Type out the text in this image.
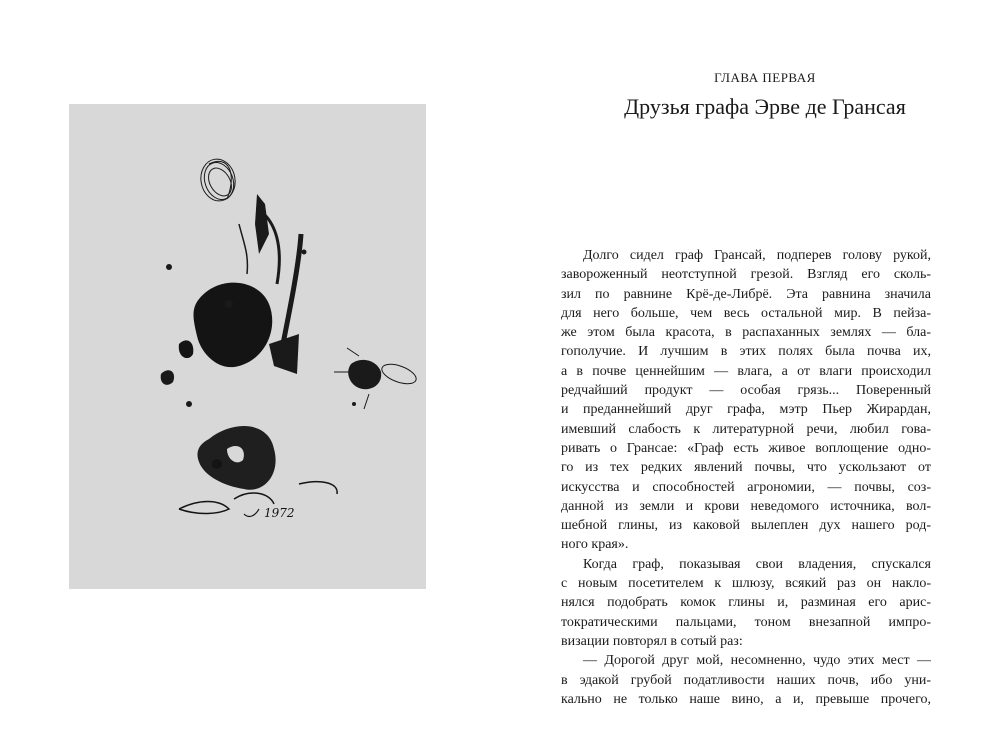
1972
ГЛАВА ПЕРВАЯ
Друзья графа Эрве де Грансая
Долго сидел граф Грансай, подперев голову рукой,
завороженный неотступной грезой. Взгляд его сколь-
зил по равнине Крё-де-Либрё. Эта равнина значила
для него больше, чем весь остальной мир. В пейза-
же этом была красота, в распаханных землях — бла-
гополучие. И лучшим в этих полях была почва их,
а в почве ценнейшим — влага, а от влаги происходил
редчайший продукт — особая грязь... Поверенный
и преданнейший друг графа, мэтр Пьер Жирардан,
имевший слабость к литературной речи, любил гова-
ривать о Грансае: «Граф есть живое воплощение одно-
го из тех редких явлений почвы, что ускользают от
искусства и способностей агрономии, — почвы, соз-
данной из земли и крови неведомого источника, вол-
шебной глины, из каковой вылеплен дух нашего род-
ного края».
Когда граф, показывая свои владения, спускался
с новым посетителем к шлюзу, всякий раз он накло-
нялся подобрать комок глины и, разминая его арис-
тократическими пальцами, тоном внезапной импро-
визации повторял в сотый раз:
— Дорогой друг мой, несомненно, чудо этих мест —
в эдакой грубой податливости наших почв, ибо уни-
кально не только наше вино, а и, превыше прочего,
